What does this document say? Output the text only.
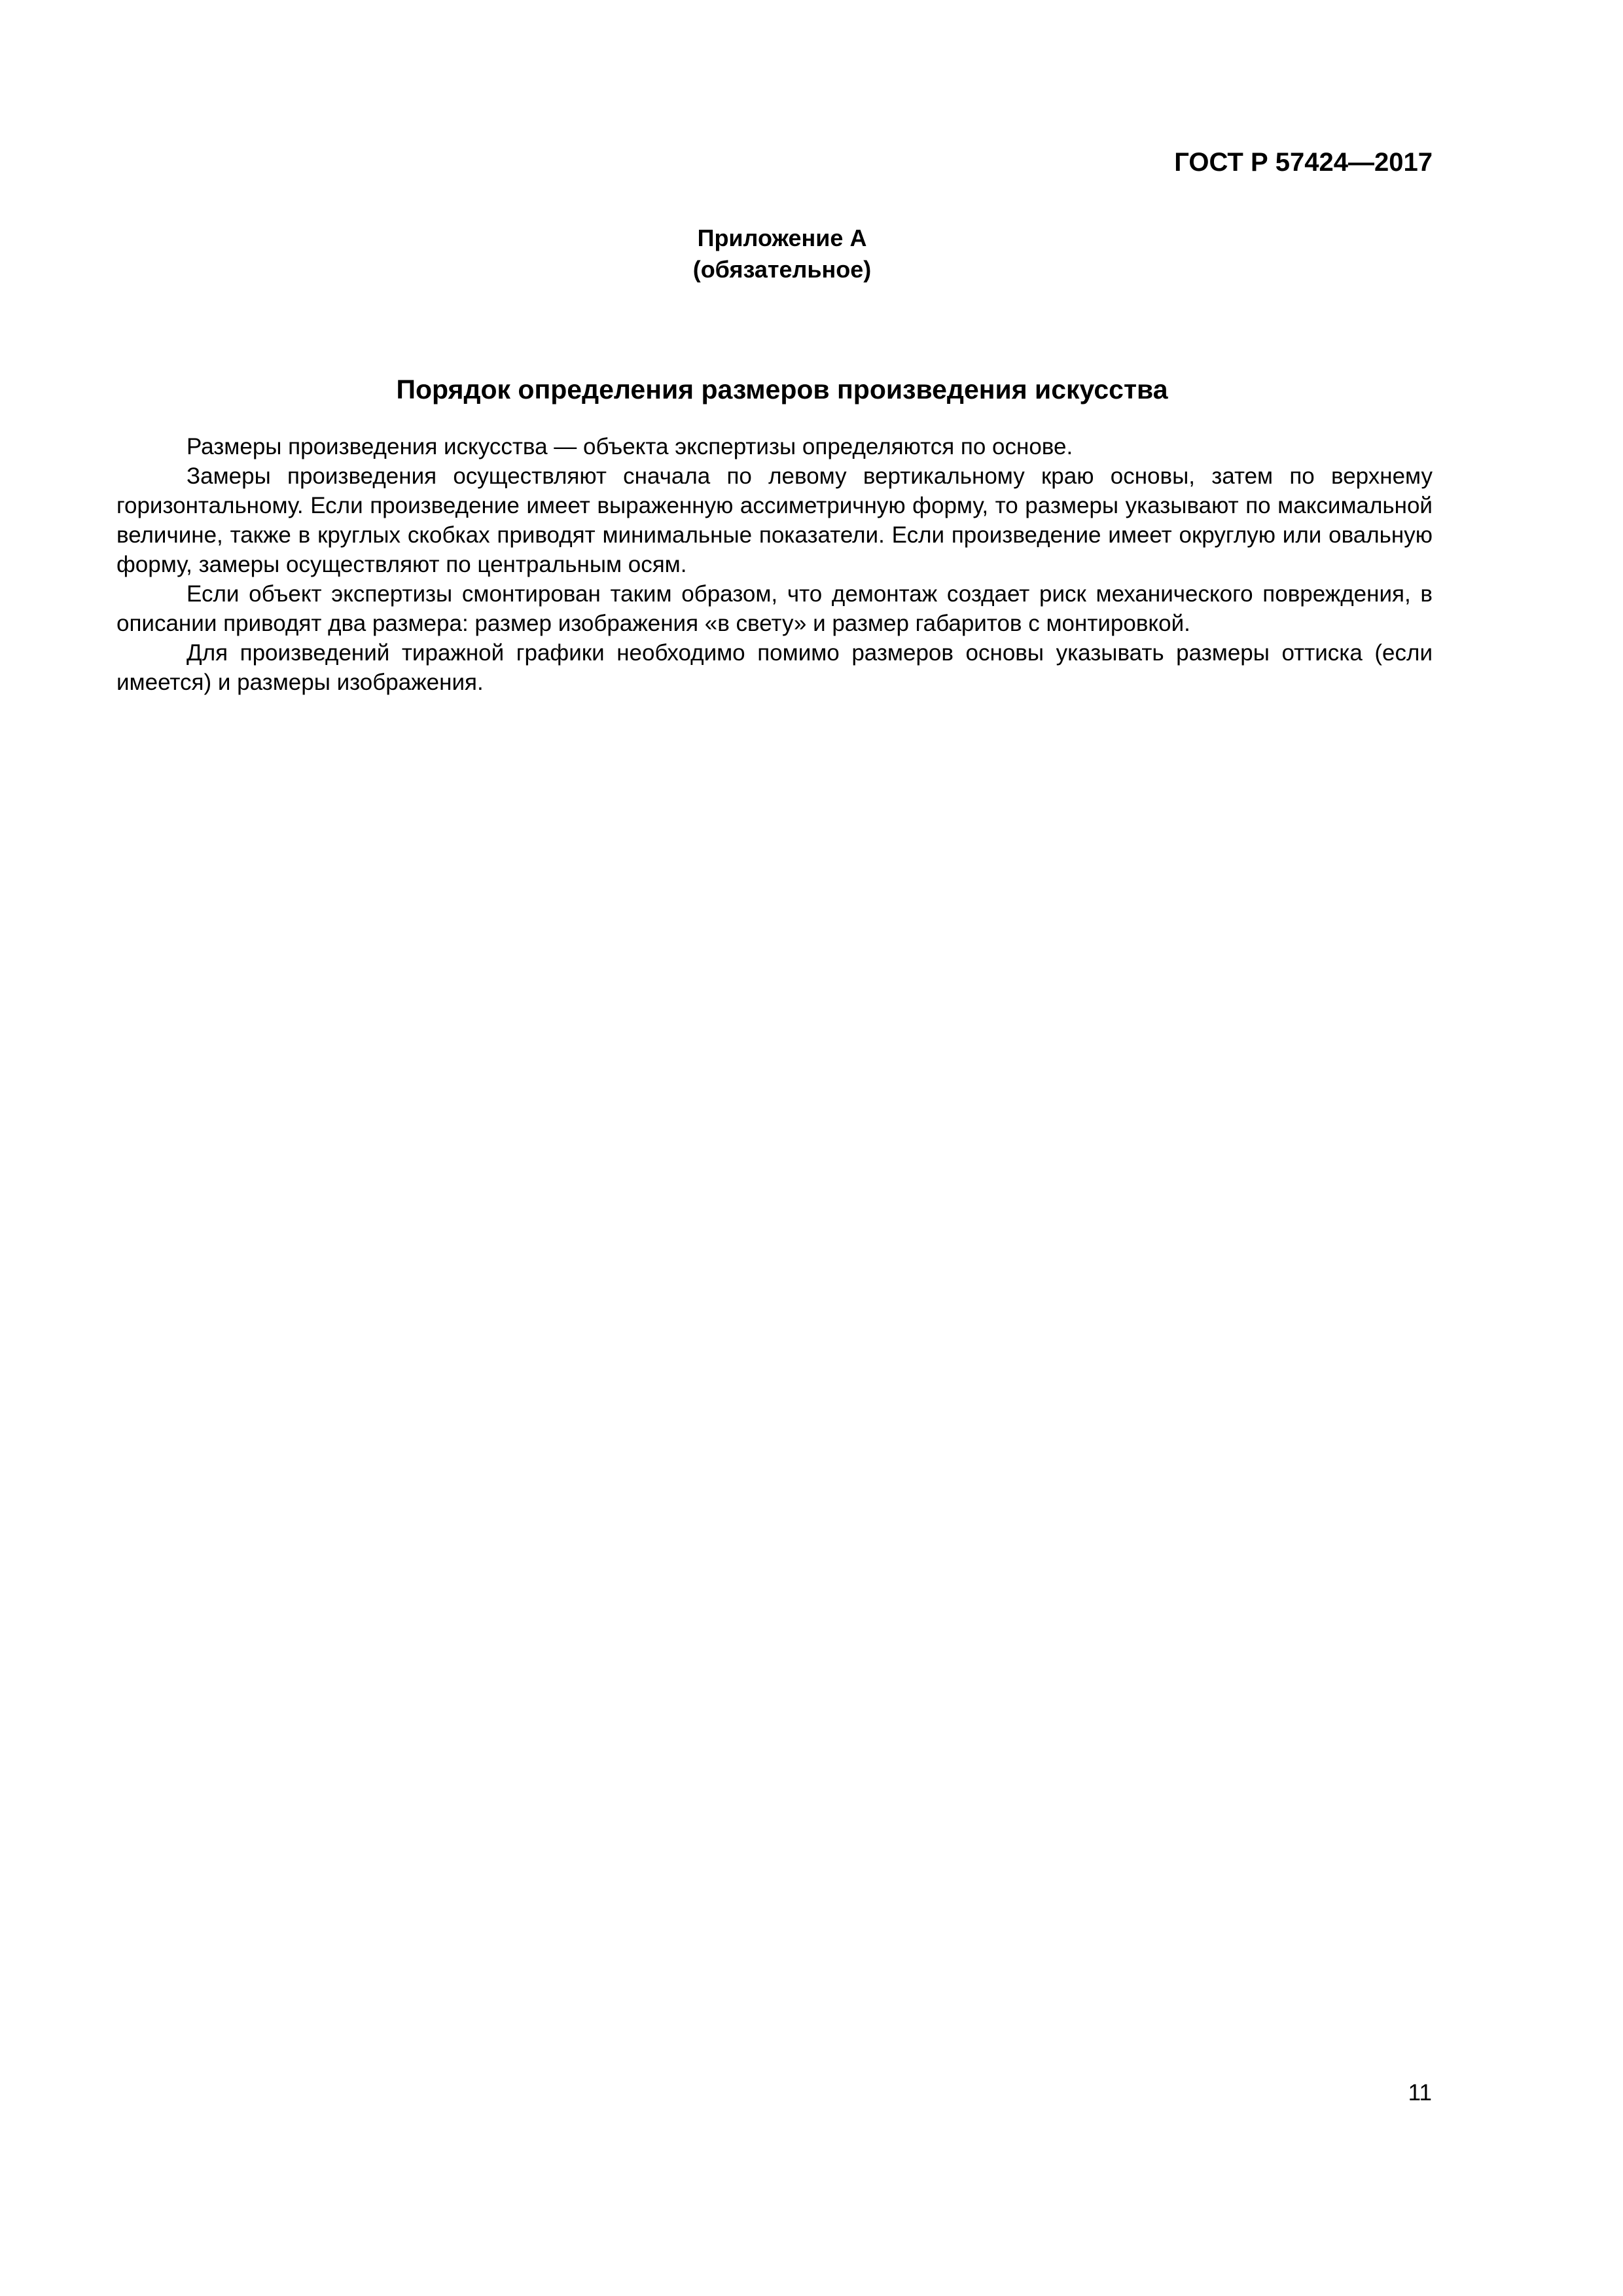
ГОСТ Р 57424—2017
Приложение А
(обязательное)
Порядок определения размеров произведения искусства

Размеры произведения искусства — объекта экспертизы определяются по основе.

Замеры произведения осуществляют сначала по левому вертикальному краю основы, затем по верхнему горизонтальному. Если произведение имеет выраженную ассиметричную форму, то размеры указывают по максимальной величине, также в круглых скобках приводят минимальные показатели. Если произведение имеет округлую или овальную форму, замеры осуществляют по центральным осям.

Если объект экспертизы смонтирован таким образом, что демонтаж создает риск механического повреждения, в описании приводят два размера: размер изображения «в свету» и размер габаритов с монтировкой.

Для произведений тиражной графики необходимо помимо размеров основы указывать размеры оттиска (если имеется) и размеры изображения.

11
